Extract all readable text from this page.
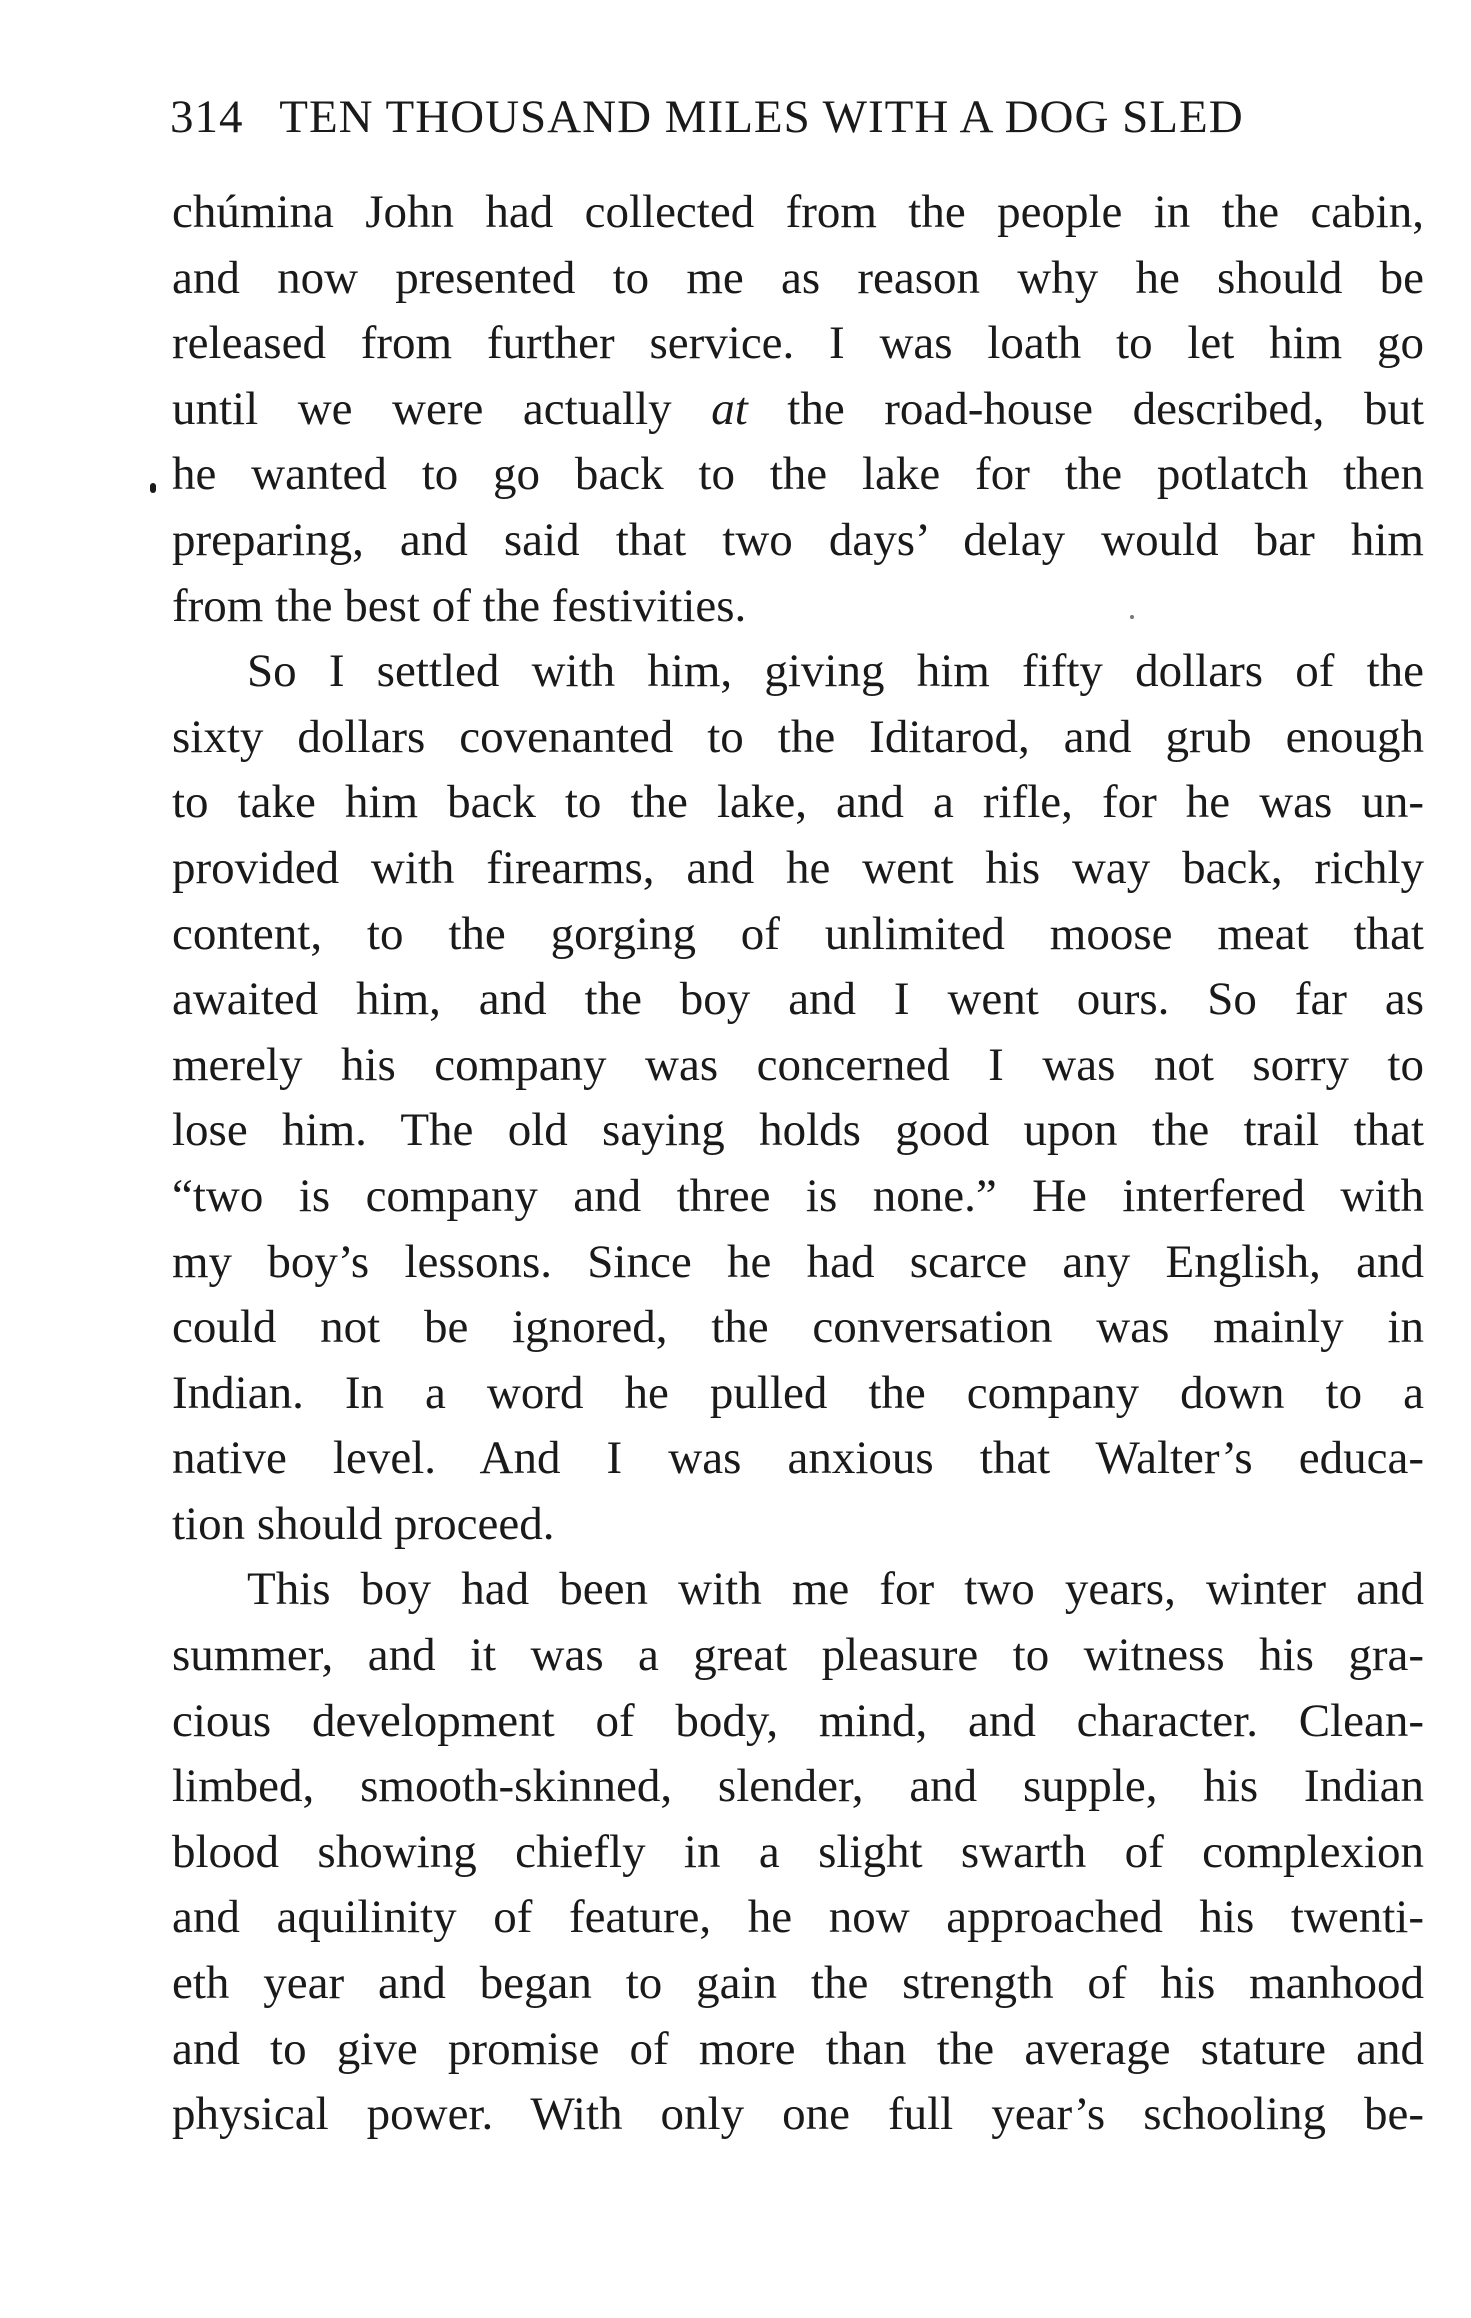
314 TEN THOUSAND MILES WITH A DOG SLED
chúmina John had collected from the people in the cabin,
and now presented to me as reason why he should be
released from further service. I was loath to let him go
until we were actually at the road-house described, but
he wanted to go back to the lake for the potlatch then
preparing, and said that two days’ delay would bar him
from the best of the festivities.
So I settled with him, giving him fifty dollars of the
sixty dollars covenanted to the Iditarod, and grub enough
to take him back to the lake, and a rifle, for he was un-
provided with firearms, and he went his way back, richly
content, to the gorging of unlimited moose meat that
awaited him, and the boy and I went ours. So far as
merely his company was concerned I was not sorry to
lose him. The old saying holds good upon the trail that
“two is company and three is none.” He interfered with
my boy’s lessons. Since he had scarce any English, and
could not be ignored, the conversation was mainly in
Indian. In a word he pulled the company down to a
native level. And I was anxious that Walter’s educa-
tion should proceed.
This boy had been with me for two years, winter and
summer, and it was a great pleasure to witness his gra-
cious development of body, mind, and character. Clean-
limbed, smooth-skinned, slender, and supple, his Indian
blood showing chiefly in a slight swarth of complexion
and aquilinity of feature, he now approached his twenti-
eth year and began to gain the strength of his manhood
and to give promise of more than the average stature and
physical power. With only one full year’s schooling be-
